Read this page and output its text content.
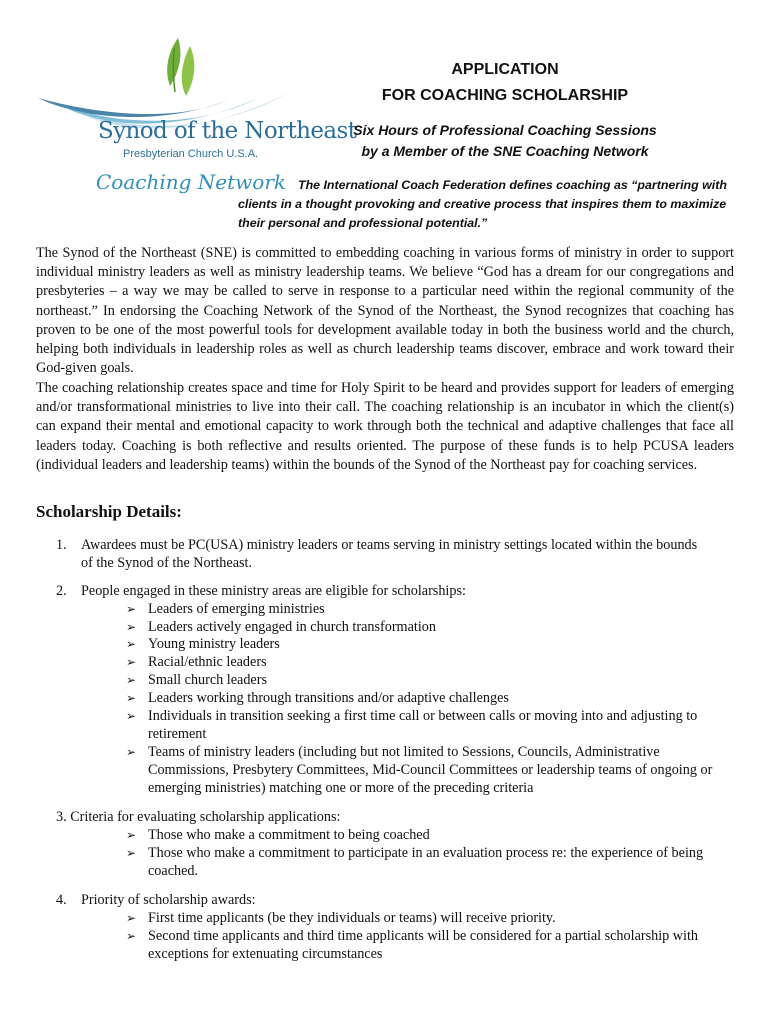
Synod of the Northeast
Presbyterian Church U.S.A.
Coaching Network
APPLICATION
FOR COACHING SCHOLARSHIP
Six Hours of Professional Coaching Sessions
by a Member of the SNE Coaching Network
The International Coach Federation defines coaching as “partnering with clients in a thought provoking and creative process that inspires them to maximize their personal and professional potential.”
The Synod of the Northeast (SNE) is committed to embedding coaching in various forms of ministry in order to support individual ministry leaders as well as ministry leadership teams. We believe “God has a dream for our congregations and presbyteries – a way we may be called to serve in response to a particular need within the regional community of the northeast.” In endorsing the Coaching Network of the Synod of the Northeast, the Synod recognizes that coaching has proven to be one of the most powerful tools for development available today in both the business world and the church, helping both individuals in leadership roles as well as church leadership teams discover, embrace and work toward their God-given goals.
The coaching relationship creates space and time for Holy Spirit to be heard and provides support for leaders of emerging and/or transformational ministries to live into their call. The coaching relationship is an incubator in which the client(s) can expand their mental and emotional capacity to work through both the technical and adaptive challenges that face all leaders today. Coaching is both reflective and results oriented. The purpose of these funds is to help PCUSA leaders (individual leaders and leadership teams) within the bounds of the Synod of the Northeast pay for coaching services.
Scholarship Details:
1. Awardees must be PC(USA) ministry leaders or teams serving in ministry settings located within the bounds of the Synod of the Northeast.
2. People engaged in these ministry areas are eligible for scholarships:
➢ Leaders of emerging ministries
➢ Leaders actively engaged in church transformation
➢ Young ministry leaders
➢ Racial/ethnic leaders
➢ Small church leaders
➢ Leaders working through transitions and/or adaptive challenges
➢ Individuals in transition seeking a first time call or between calls or moving into and adjusting to retirement
➢ Teams of ministry leaders (including but not limited to Sessions, Councils, Administrative Commissions, Presbytery Committees, Mid-Council Committees or leadership teams of ongoing or emerging ministries) matching one or more of the preceding criteria
3. Criteria for evaluating scholarship applications:
➢ Those who make a commitment to being coached
➢ Those who make a commitment to participate in an evaluation process re: the experience of being coached.
4. Priority of scholarship awards:
➢ First time applicants (be they individuals or teams) will receive priority.
➢ Second time applicants and third time applicants will be considered for a partial scholarship with exceptions for extenuating circumstances
